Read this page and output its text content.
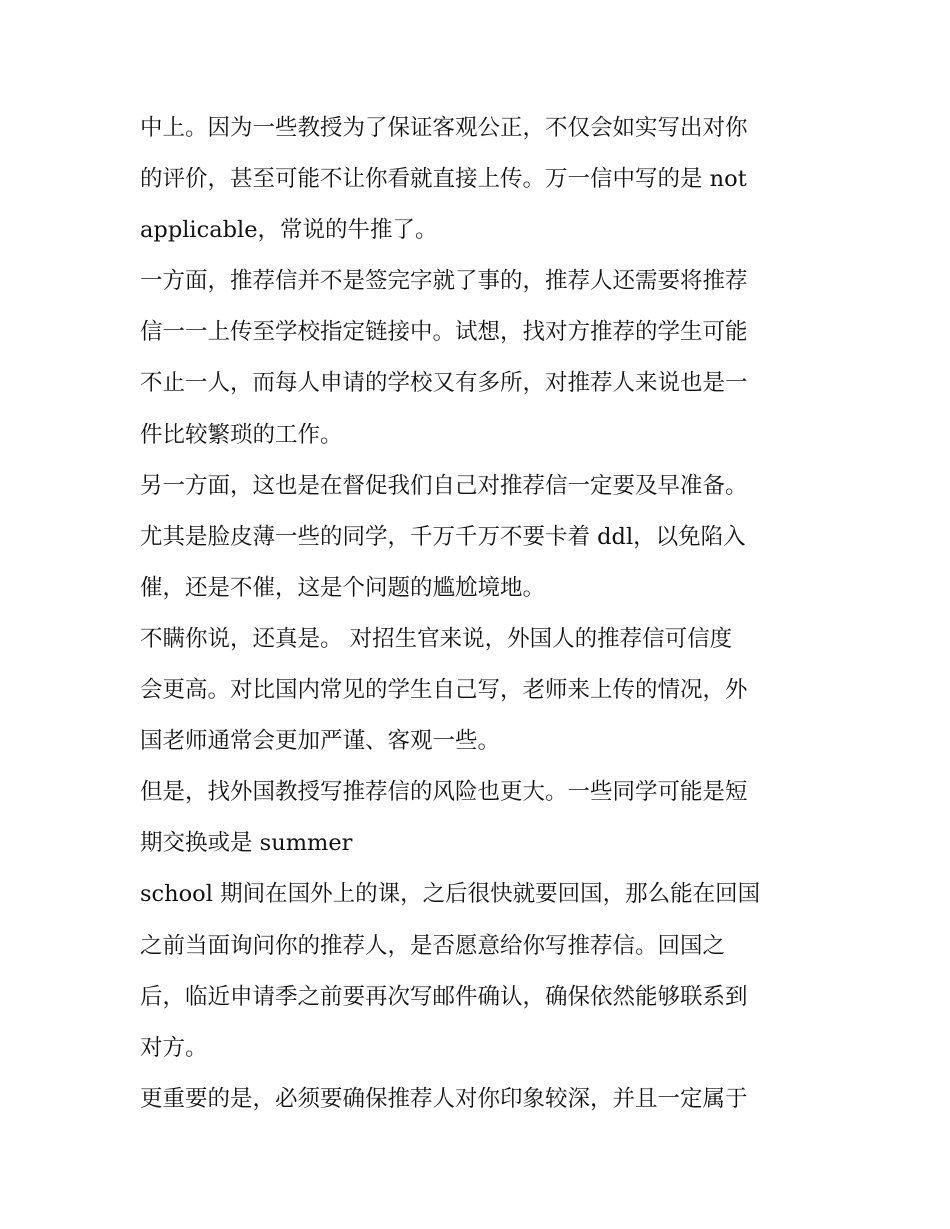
中上。因为一些教授为了保证客观公正，不仅会如实写出对你
的评价，甚至可能不让你看就直接上传。万一信中写的是 not
applicable，常说的牛推了。
一方面，推荐信并不是签完字就了事的，推荐人还需要将推荐
信一一上传至学校指定链接中。试想，找对方推荐的学生可能
不止一人，而每人申请的学校又有多所，对推荐人来说也是一
件比较繁琐的工作。
另一方面，这也是在督促我们自己对推荐信一定要及早准备。
尤其是脸皮薄一些的同学，千万千万不要卡着 ddl，以免陷入
催，还是不催，这是个问题的尴尬境地。
不瞒你说，还真是。 对招生官来说，外国人的推荐信可信度
会更高。对比国内常见的学生自己写，老师来上传的情况，外
国老师通常会更加严谨、客观一些。
但是，找外国教授写推荐信的风险也更大。一些同学可能是短
期交换或是 summer
school 期间在国外上的课，之后很快就要回国，那么能在回国
之前当面询问你的推荐人，是否愿意给你写推荐信。回国之
后，临近申请季之前要再次写邮件确认，确保依然能够联系到
对方。
更重要的是，必须要确保推荐人对你印象较深，并且一定属于
